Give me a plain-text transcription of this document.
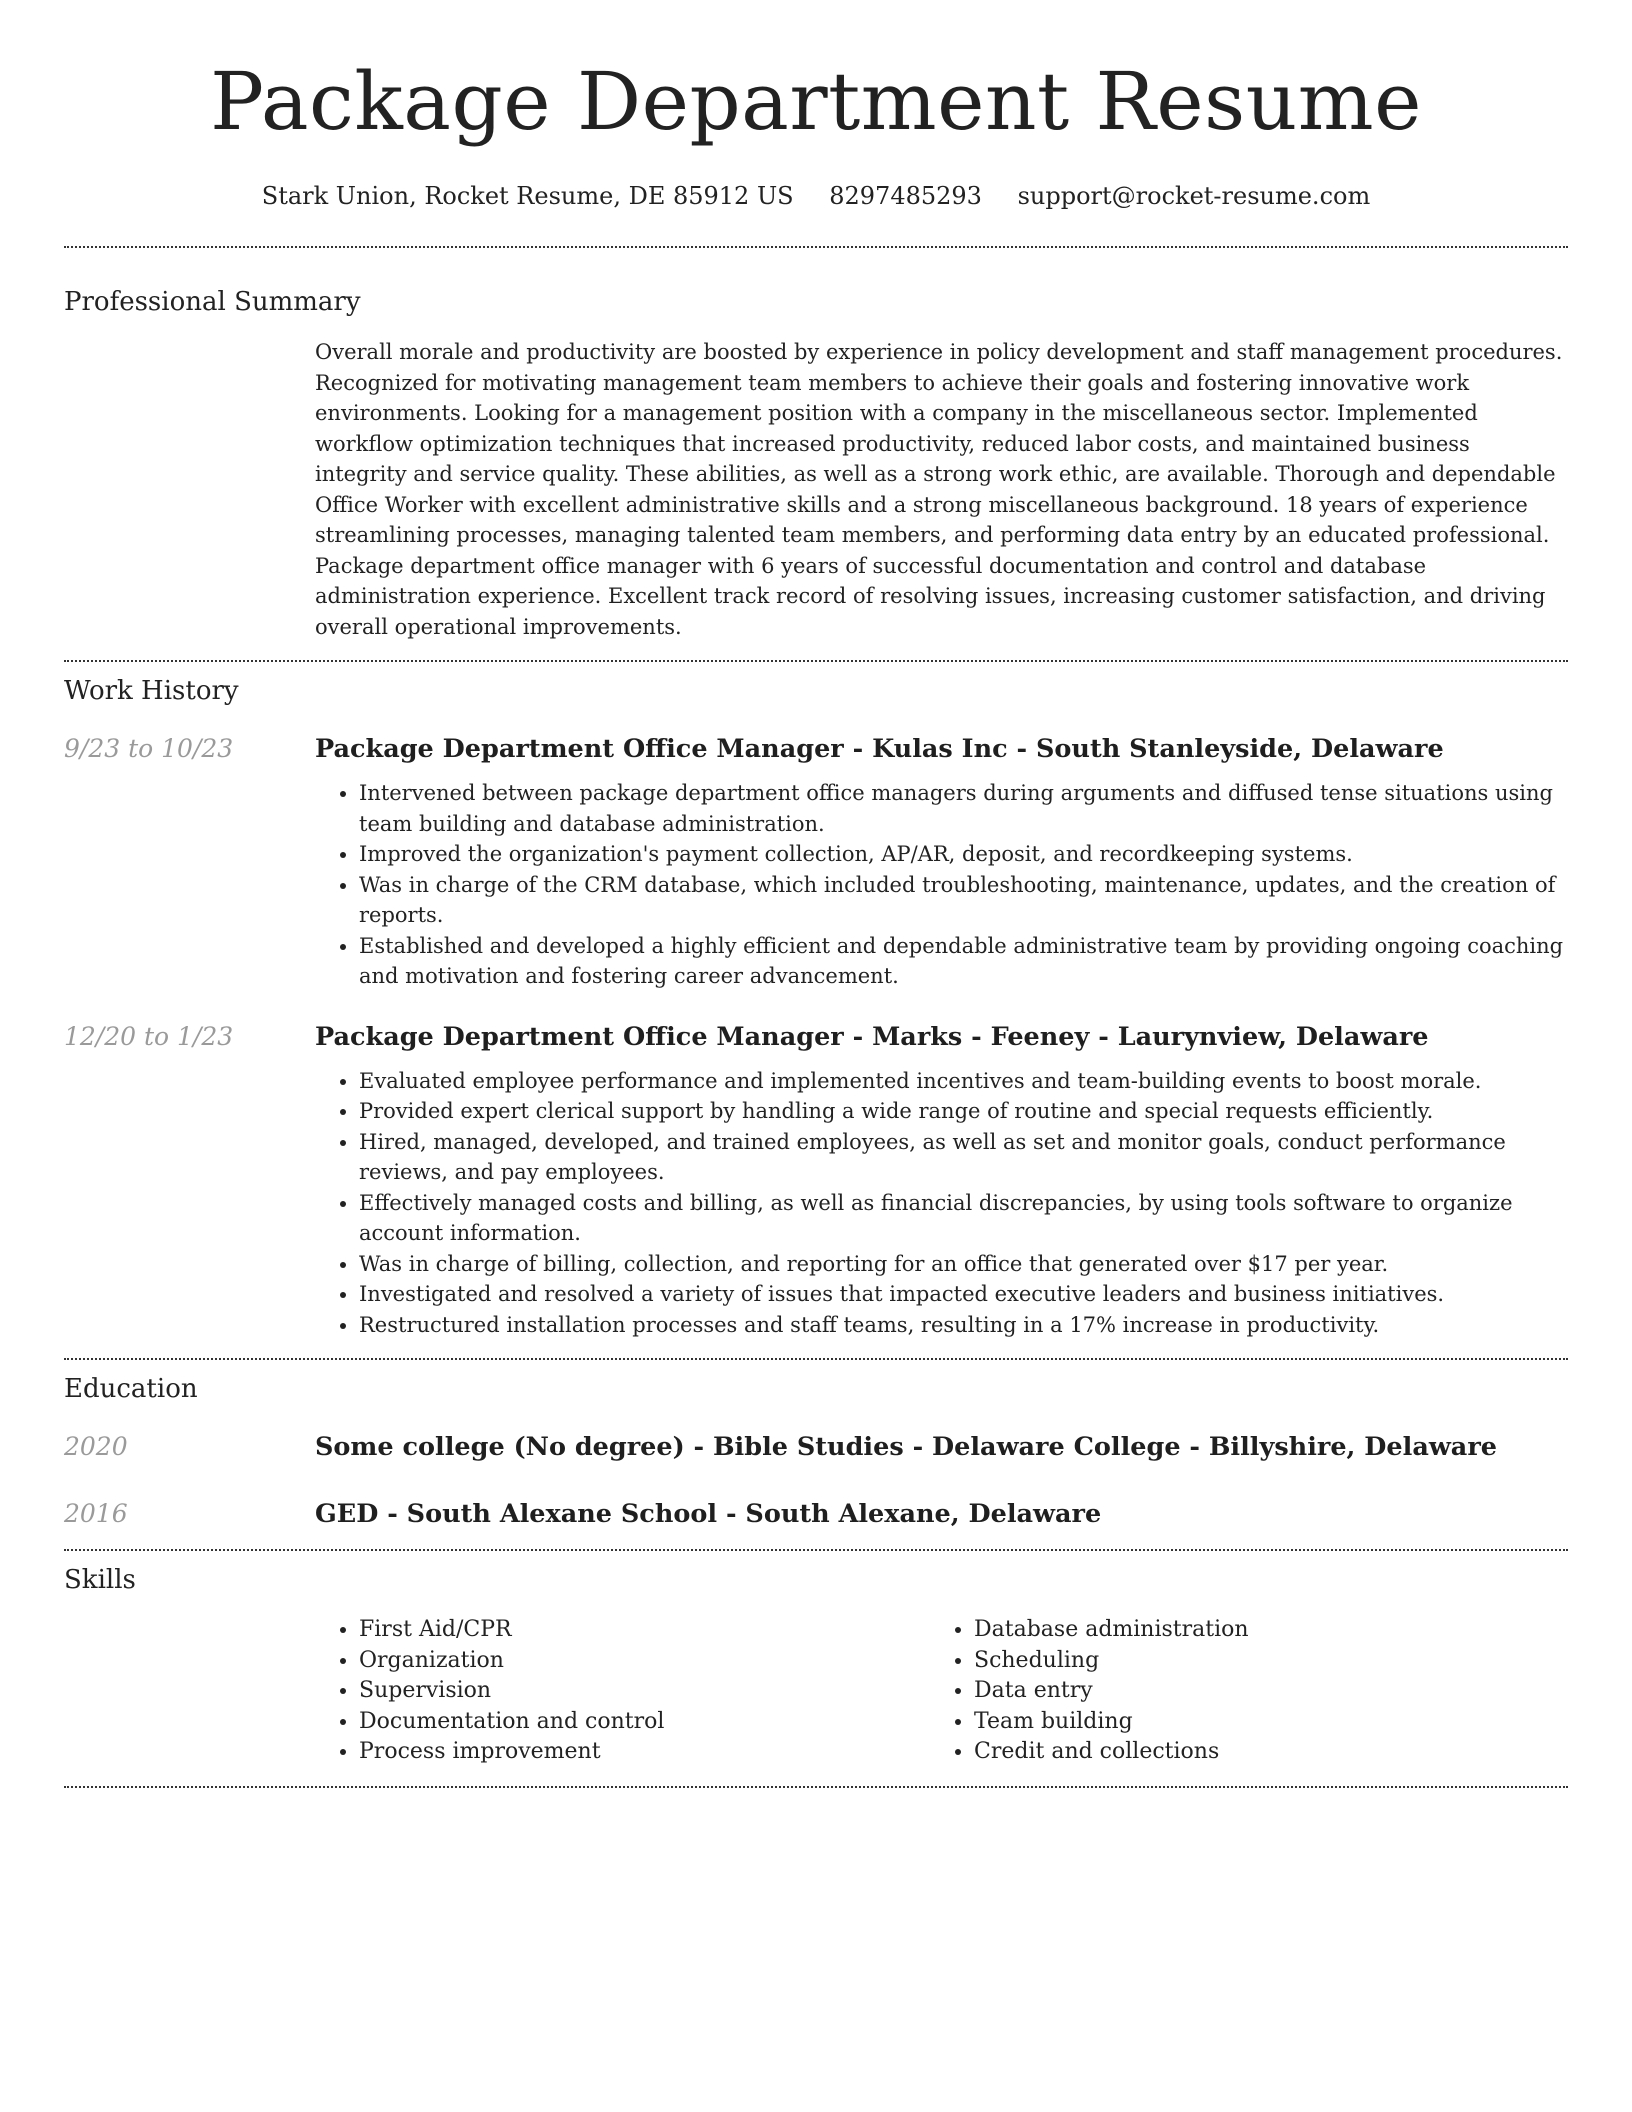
Package Department Resume
Stark Union, Rocket Resume, DE 85912 US 8297485293 support@rocket-resume.com
Professional Summary

Overall morale and productivity are boosted by experience in policy development and staff management procedures. Recognized for motivating management team members to achieve their goals and fostering innovative work environments. Looking for a management position with a company in the miscellaneous sector. Implemented workflow optimization techniques that increased productivity, reduced labor costs, and maintained business integrity and service quality. These abilities, as well as a strong work ethic, are available. Thorough and dependable Office Worker with excellent administrative skills and a strong miscellaneous background. 18 years of experience streamlining processes, managing talented team members, and performing data entry by an educated professional. Package department office manager with 6 years of successful documentation and control and database administration experience. Excellent track record of resolving issues, increasing customer satisfaction, and driving overall operational improvements.

Work History
9/23 to 10/23	Package Department Office Manager - Kulas Inc - South Stanleyside, Delaware
• Intervened between package department office managers during arguments and diffused tense situations using team building and database administration.
• Improved the organization's payment collection, AP/AR, deposit, and recordkeeping systems.
• Was in charge of the CRM database, which included troubleshooting, maintenance, updates, and the creation of reports.
• Established and developed a highly efficient and dependable administrative team by providing ongoing coaching and motivation and fostering career advancement.
12/20 to 1/23	Package Department Office Manager - Marks - Feeney - Laurynview, Delaware
• Evaluated employee performance and implemented incentives and team-building events to boost morale.
• Provided expert clerical support by handling a wide range of routine and special requests efficiently.
• Hired, managed, developed, and trained employees, as well as set and monitor goals, conduct performance reviews, and pay employees.
• Effectively managed costs and billing, as well as financial discrepancies, by using tools software to organize account information.
• Was in charge of billing, collection, and reporting for an office that generated over $17 per year.
• Investigated and resolved a variety of issues that impacted executive leaders and business initiatives.
• Restructured installation processes and staff teams, resulting in a 17% increase in productivity.
Education
2020	Some college (No degree) - Bible Studies - Delaware College - Billyshire, Delaware
2016	GED - South Alexane School - South Alexane, Delaware
Skills
• First Aid/CPR
• Organization
• Supervision
• Documentation and control
• Process improvement
• Database administration
• Scheduling
• Data entry
• Team building
• Credit and collections
